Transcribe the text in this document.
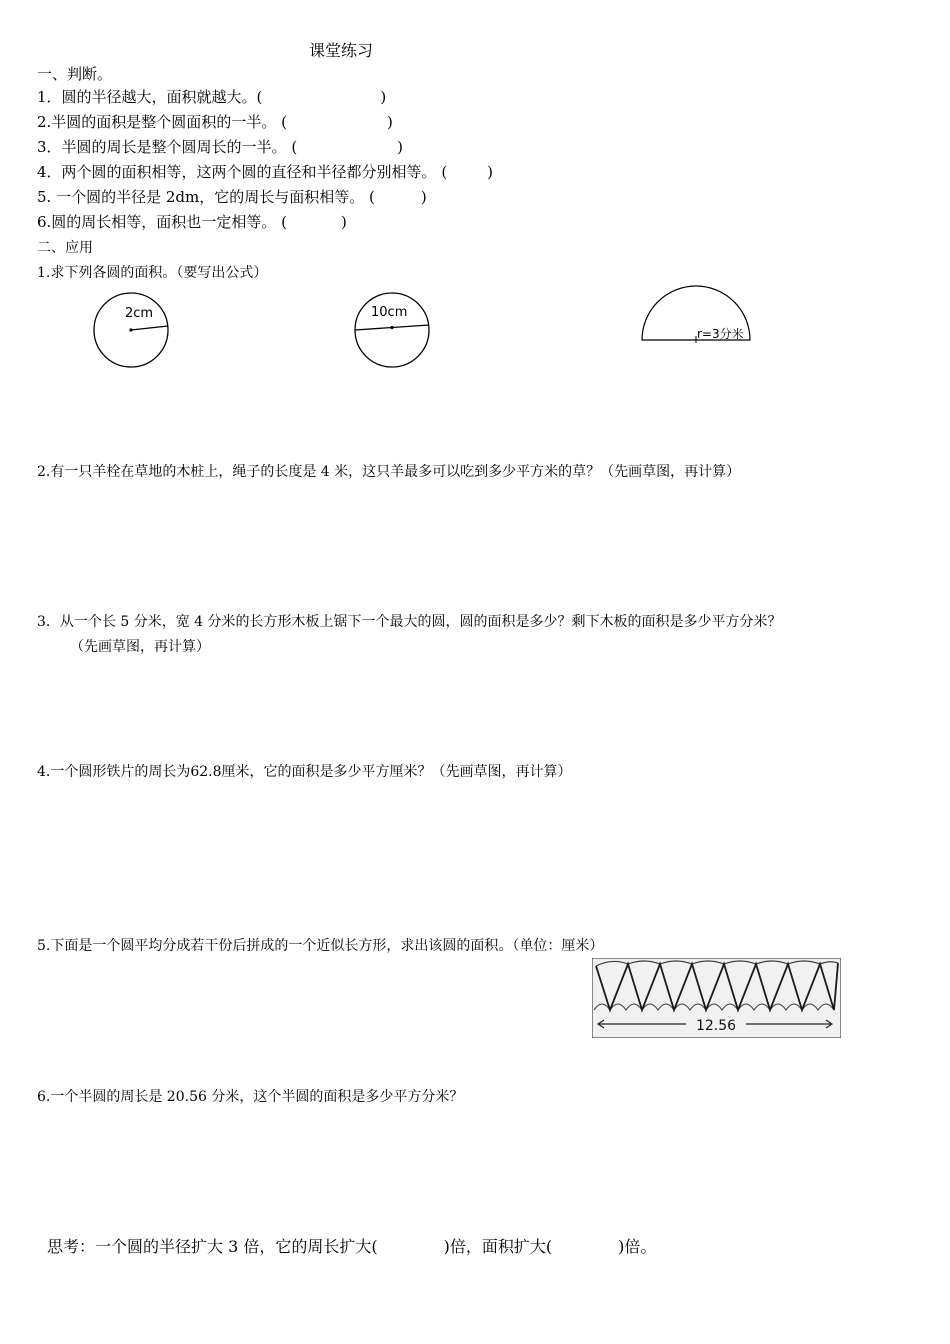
课堂练习
一、判断。
1．圆的半径越大，面积就越大。(	)
2.半圆的面积是整个圆面积的一半。 (	)
3．半圆的周长是整个圆周长的一半。 (	)
4．两个圆的面积相等，这两个圆的直径和半径都分别相等。 (	)
5. 一个圆的半径是 2dm，它的周长与面积相等。 (	)
6.圆的周长相等，面积也一定相等。 (	)
二、应用
1.求下列各圆的面积。（要写出公式）
2cm	10cm
r=3分米
2.有一只羊栓在草地的木桩上，绳子的长度是 4 米，这只羊最多可以吃到多少平方米的草？（先画草图，再计算）
3．从一个长 5 分米，宽 4 分米的长方形木板上锯下一个最大的圆，圆的面积是多少？剩下木板的面积是多少平方分米？
（先画草图，再计算）
4.一个圆形铁片的周长为62.8厘米，它的面积是多少平方厘米？（先画草图，再计算）
5.下面是一个圆平均分成若干份后拼成的一个近似长方形，求出该圆的面积。（单位：厘米）
12.56
6.一个半圆的周长是 20.56 分米，这个半圆的面积是多少平方分米？
思考：一个圆的半径扩大 3 倍，它的周长扩大(	)倍，面积扩大(	)倍。
